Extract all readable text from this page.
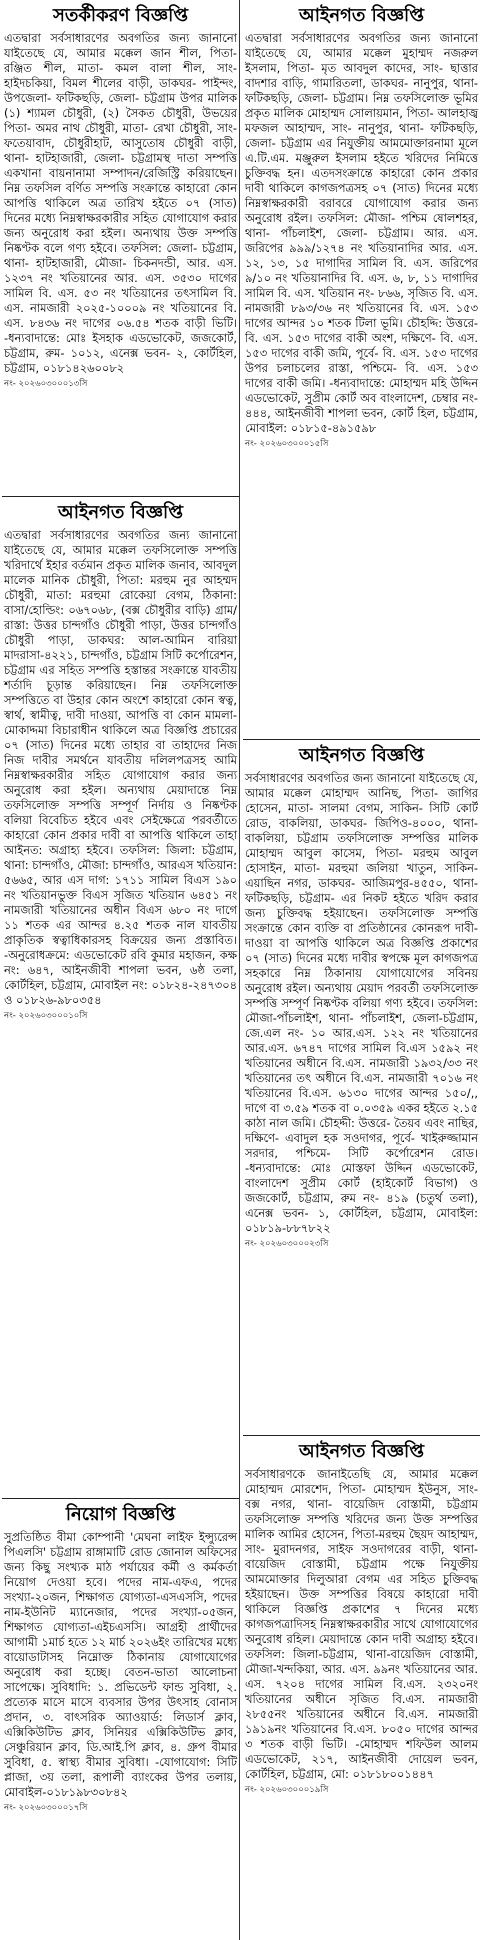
সতর্কীকরণ বিজ্ঞপ্তি

এতদ্বারা সর্বসাধারণের অবগতির জন্য জানানো যাইতেছে যে, আমার মক্কেল জান শীল, পিতা- রঞ্জিত শীল, মাতা- কমল বালা শীল, সাং- হাইদচকিয়া, বিমল শীলের বাড়ী, ডাকঘর- পাইন্দং, উপজেলা- ফটিকছড়ি, জেলা- চট্টগ্রাম উপর মালিক (১) শ্যামল চৌধুরী, (২) সৈকত চৌধুরী, উভয়ের পিতা- অমর নাথ চৌধুরী, মাতা- রেখা চৌধুরী, সাং- ফতেয়াবাদ, চৌধুরীহাট, আসুতোষ চৌধুরী বাড়ী, থানা- হাটহাজারী, জেলা- চট্টগ্রামস্থ দাতা সম্পত্তি একখানা বায়নানামা সম্পাদন/রেজিস্ট্রি করিয়াছেন। নিম্ন তফসিল বর্ণিত সম্পত্তি সংক্রান্তে কাহারো কোন আপত্তি থাকিলে অত্র তারিখ হইতে ০৭ (সাত) দিনের মধ্যে নিম্নস্বাক্ষরকারীর সহিত যোগাযোগ করার জন্য অনুরোধ করা হইল। অন্যথায় উক্ত সম্পত্তি নিষ্কণ্টক বলে গণ্য হইবে। তফসিল: জেলা- চট্টগ্রাম, থানা- হাটহাজারী, মৌজা- চিকনদন্ডী, আর. এস. ১২৩৭ নং খতিয়ানের আর. এস. ৩৫৩০ দাগের সামিল বি. এস. ৫৩ নং খতিয়ানের তৎসামিল বি. এস. নামজারী ২০২৫-১০০০৯ নং খতিয়ানের বি. এস. ৮৪৩৬ নং দাগের ০৬.৫৪ শতক বাড়ী ভিটি। -ধন্যবাদান্তে: মোঃ ইসহাক এডভোকেট, জজকোর্ট, চট্টগ্রাম, রুম- ১০১২, এনেক্স ভবন- ২, কোর্টহিল, চট্টগ্রাম, ০১৮১৪২৬০০৮২

নং- ২০২৬০৩০০০১৩সি
আইনগত বিজ্ঞপ্তি

এতদ্বারা সর্বসাধারণের অবগতির জন্য জানানো যাইতেছে যে, আমার মক্কেল তফসিলোক্ত সম্পত্তি খরিদার্থে ইহার বর্তমান প্রকৃত মালিক জনাব, আবদুল মালেক মানিক চৌধুরী, পিতা: মরহুম নুর আহম্মদ চৌধুরী, মাতা: মরহুমা রোকেয়া বেগম, ঠিকানা: বাসা/হোল্ডিং: ০৬৭০৬৮, (বক্স চৌধুরীর বাড়ি) গ্রাম/রাস্তা: উত্তর চান্দগাঁও চৌধুরী পাড়া, উত্তর চান্দগাঁও চৌধুরী পাড়া, ডাকঘর: আল-আমিন বারিয়া মাদরাসা-৪২২১, চান্দগাঁও, চট্টগ্রাম সিটি কর্পোরেশন, চট্টগ্রাম এর সহিত সম্পত্তি হস্তান্তর সংক্রান্তে যাবতীয় শর্তাদি চূড়ান্ত করিয়াছেন। নিম্ন তফসিলোক্ত সম্পত্তিতে বা উহার কোন অংশে কাহারো কোন স্বত্ব, স্বার্থ, স্বামীত্ব, দাবী দাওয়া, আপত্তি বা কোন মামলা-মোকাদ্দমা বিচারাধীন থাকিলে অত্র বিজ্ঞপ্তি প্রচারের ০৭ (সাত) দিনের মধ্যে তাহার বা তাহাদের নিজ নিজ দাবীর সমর্থনে যাবতীয় দলিলপত্রসহ আমি নিম্নস্বাক্ষরকারীর সহিত যোগাযোগ করার জন্য অনুরোধ করা হইল। অন্যথায় মেয়াদান্তে নিম্ন তফসিলোক্ত সম্পত্তি সম্পূর্ণ নির্দায় ও নিষ্কণ্টক বলিয়া বিবেচিত হইবে এবং সেইক্ষেত্রে পরবর্তীতে কাহারো কোন প্রকার দাবী বা আপত্তি থাকিলে তাহা আইনত: অগ্রাহ্য হইবে। তফসিল: জিলা: চট্টগ্রাম, থানা: চান্দগাঁও, মৌজা: চান্দগাঁও, আরএস খতিয়ান: ৫৬৬৫, আর এস দাগ: ১৭১১ সামিল বিএস ১৯০ নং খতিয়ানভুক্ত বিএস সৃজিত খতিয়ান ৬৪৫১ নং নামজারী খতিয়ানের অধীন বিএস ৬৮০ নং দাগে ১১ শতক এর আন্দর ৪.২৫ শতক নাল যাবতীয় প্রাকৃতিক স্বত্বাধিকারসহ বিক্রয়ের জন্য প্রস্তাবিত। -অনুরোধক্রমে: এডভোকেট রবি কুমার মহাজন, কক্ষ নং: ৬৪৭, আইনজীবী শাপলা ভবন, ৬ষ্ঠ তলা, কোর্টহিল, চট্টগ্রাম, মোবাইল নং: ০১৮২৪-২৪৭৩০৪ ও ০১৮২৬-৯৮০৩৫৪

নং- ২০২৬০৩০০০১০সি
নিয়োগ বিজ্ঞপ্তি

সুপ্রতিষ্ঠিত বীমা কোম্পানী 'মেঘনা লাইফ ইন্স্যুরেন্স পিএলসি' চট্টগ্রাম রাঙ্গামাটি রোড জোনাল অফিসের জন্য কিছু সংখ্যক মাঠ পর্যায়ের কর্মী ও কর্মকর্তা নিয়োগ দেওয়া হবে। পদের নাম-এফএ, পদের সংখ্যা-২০জন, শিক্ষাগত যোগ্যতা-এসএসসি, পদের নাম-ইউনিট ম্যানেজার, পদের সংখ্যা-০৫জন, শিক্ষাগত যোগ্যতা-এইচএসসি। আগ্রহী প্রার্থীদের আগামী ১মার্চ হতে ১২ মার্চ ২০২৬ইং তারিখের মধ্যে বায়োডাটাসহ নিম্নোক্ত ঠিকানায় যোগাযোগের অনুরোধ করা হচ্ছে। বেতন-ভাতা আলোচনা সাপেক্ষে। সুবিধাদি: ১. প্রভিডেন্ট ফান্ড সুবিধা, ২. প্রত্যেক মাসে মাসে ব্যবসার উপর উৎসাহ বোনাস প্রদান, ৩. বাৎসরিক অ্যাওয়ার্ড: লিডার্স ক্লাব, এক্সিকিউটিভ ক্লাব, সিনিয়র এক্সিকিউটিভ ক্লাব, সেঞ্চুরিয়ান ক্লাব, ডি.আই.পি ক্লাব, ৪. গ্রুপ বীমার সুবিধা, ৫. স্বাস্থ্য বীমার সুবিধা। -যোগাযোগ: সিটি প্লাজা, ৩য় তলা, রূপালী ব্যাংকের উপর তলায়, মোবাইল-০১৮১৯৮৩০৮৪২

নং- ২০২৬০৩০০০১৭সি
আইনগত বিজ্ঞপ্তি

এতদ্বারা সর্বসাধারণের অবগতির জন্য জানানো যাইতেছে যে, আমার মক্কেল মুহাম্মদ নজরুল ইসলাম, পিতা- মৃত আবদুল কাদের, সাং- ছাত্তার বাদশার বাড়ি, গামারিতলা, ডাকঘর- নানুপুর, থানা- ফটিকছড়ি, জেলা- চট্টগ্রাম। নিম্ন তফসিলোক্ত ভূমির প্রকৃত মালিক মোহাম্মদ সোলায়মান, পিতা- আলহাজ্ব মফজল আহাম্মদ, সাং- নানুপুর, থানা- ফটিকছড়ি, জেলা- চট্টগ্রাম এর নিযুক্তীয় আমমোক্তারনামা মূলে এ.টি.এম. মঞ্জুরুল ইসলাম হইতে খরিদের নিমিত্তে চুক্তিবদ্ধ হন। এতদসংক্রান্তে কাহারো কোন প্রকার দাবী থাকিলে কাগজপত্রসহ ০৭ (সাত) দিনের মধ্যে নিম্নস্বাক্ষরকারী বরাবরে যোগাযোগ করার জন্য অনুরোধ রইল। তফসিল: মৌজা- পশ্চিম ষোলশহর, থানা- পাঁচলাইশ, জেলা- চট্টগ্রাম। আর. এস. জরিপের ৯৯৯/১২৭৪ নং খতিয়ানাদির আর. এস. ১২, ১৩, ১৫ দাগাদির সামিল বি. এস. জরিপের ৯/১০ নং খতিয়ানাদির বি. এস. ৬, ৮, ১১ দাগাদির সামিল বি. এস. খতিয়ান নং- ৮৬৬, সৃজিত বি. এস. নামজারী ৮৯৩/৩৬ নং খতিয়ানের বি. এস. ১৫৩ দাগের আন্দর ১০ শতক টিলা ভূমি। চৌহদ্দি: উত্তরে- বি. এস. ১৫৩ দাগের বাকী অংশ, দক্ষিণে- বি. এস. ১৫৩ দাগের বাকী জমি, পূর্বে- বি. এস. ১৫৩ দাগের উপর চলাচলের রাস্তা, পশ্চিমে- বি. এস. ১৫৩ দাগের বাকী জমি। -ধন্যবাদান্তে: মোহাম্মদ মহি উদ্দিন এডভোকেট, সুপ্রীম কোর্ট অব বাংলাদেশ, চেম্বার নং- ৪৪৪, আইনজীবী শাপলা ভবন, কোর্ট হিল, চট্টগ্রাম, মোবাইল: ০১৮১৫-৪৯১৫৯৮

নং- ২০২৬০৩০০০১৫সি
আইনগত বিজ্ঞপ্তি

সর্বসাধারণের অবগতির জন্য জানানো যাইতেছে যে, আমার মক্কেল মোহাম্মদ আনিছ, পিতা- জাগির হোসেন, মাতা- সালমা বেগম, সাকিন- সিটি কোর্ট রোড, বাকলিয়া, ডাকঘর- জিপিও-৪০০০, থানা- বাকলিয়া, চট্টগ্রাম তফসিলোক্ত সম্পত্তির মালিক মোহাম্মদ আবুল কাসেম, পিতা- মরহুম আবুল হোসাইন, মাতা- মরহুমা জলিয়া খাতুন, সাকিন- এয়াছিন নগর, ডাকঘর- আজিমপুর-৪৫৫০, থানা- ফটিকছড়ি, চট্টগ্রাম- এর নিকট হইতে খরিদ করার জন্য চুক্তিবদ্ধ হইয়াছেন। তফসিলোক্ত সম্পত্তি সংক্রান্তে কোন ব্যক্তি বা প্রতিষ্ঠানের কোনরূপ দাবী-দাওয়া বা আপত্তি থাকিলে অত্র বিজ্ঞপ্তি প্রকাশের ০৭ (সাত) দিনের মধ্যে দাবীর স্বপক্ষে মূল কাগজপত্র সহকারে নিম্ন ঠিকানায় যোগাযোগের সবিনয় অনুরোধ রইল। অন্যথায় মেয়াদ পরবর্তী তফসিলোক্ত সম্পত্তি সম্পূর্ণ নিষ্কণ্টক বলিয়া গণ্য হইবে। তফসিল: মৌজা-পাঁচলাইশ, থানা- পাঁচলাইশ, জেলা-চট্টগ্রাম, জে.এল নং- ১০ আর.এস. ১২২ নং খতিয়ানের আর.এস. ৬৭৪৭ দাগের সামিল বি.এস ১৫৯২ নং খতিয়ানের অধীনে বি.এস. নামজারী ১৯৩২/৩৩ নং খতিয়ানের তৎ অধীনে বি.এস. নামজারী ৭০১৬ নং খতিয়ানের বি.এস. ৬১৩০ দাগের আন্দর ১৫০/,, দাগে বা ৩.৫৯ শতক বা ০.০৩৫৯ একর হইতে ২.১৫ কাঠা নাল জমি। চৌহদ্দী: উত্তরে- তৈয়ব এবং নাছির, দক্ষিণে- এবাদুল হক সওদাগর, পূর্বে- খাইরুজ্জামান সরদার, পশ্চিমে- সিটি কর্পোরেশন রোড। -ধন্যবাদান্তে: মোঃ মোস্তফা উদ্দিন এডভোকেট, বাংলাদেশ সুপ্রীম কোর্ট (হাইকোর্ট বিভাগ) ও জজকোর্ট, চট্টগ্রাম, রুম নং- ৪১৯ (চতুর্থ তলা), এনেক্স ভবন- ১, কোর্টহিল, চট্টগ্রাম, মোবাইল: ০১৮১৯-৮৮৭৮২২

নং- ২০২৬০৩০০০২৩সি
আইনগত বিজ্ঞপ্তি

সর্বসাধারণকে জানাইতেছি যে, আমার মক্কেল মোহাম্মদ মোরশেদ, পিতা- মোহাম্মদ ইউনুস, সাং- বক্স নগর, থানা- বায়েজিদ বোস্তামী, চট্টগ্রাম তফসিলোক্ত সম্পত্তি খরিদের জন্য উক্ত সম্পত্তির মালিক আমির হোসেন, পিতা-মরহুম ছৈয়দ আহাম্মদ, সাং- মুরাদনগর, সাইফ সওদাগরের বাড়ী, থানা-বায়েজিদ বোস্তামী, চট্টগ্রাম পক্ষে নিযুক্তীয় আমমোক্তার দিলুআরা বেগম এর সহিত চুক্তিবদ্ধ হইয়াছেন। উক্ত সম্পত্তির বিষয়ে কাহারো দাবী থাকিলে বিজ্ঞপ্তি প্রকাশের ৭ দিনের মধ্যে কাগজপত্রাদিসহ নিম্নস্বাক্ষরকারীর সাথে যোগাযোগের অনুরোধ রহিল। মেয়াদান্তে কোন দাবী অগ্রাহ্য হইবে। তফসিল: জিলা-চট্টগ্রাম, থানা-বায়েজিদ বোস্তামী, মৌজা-খন্দকিয়া, আর. এস. ৯৯নং খতিয়ানের আর. এস. ৭২০৪ দাগের সামিল বি.এস. ২৩২০নং খতিয়ানের অধীনে সৃজিত বি.এস. নামজারী ২৮৫৫নং খতিয়ানের অধীনে বি.এস. নামজারী ১৯১৯নং খতিয়ানের বি.এস. ৮০৫০ দাগের আন্দর ৩ শতক বাড়ী ভিটি। -মোহাম্মদ শফিউল আলম এডভোকেট, ২১৭, আইনজীবী দোয়েল ভবন, কোর্টহিল, চট্টগ্রাম, মো: ০১৮১৮০০১৪৪৭

নং- ২০২৬০৩০০০১৯সি
